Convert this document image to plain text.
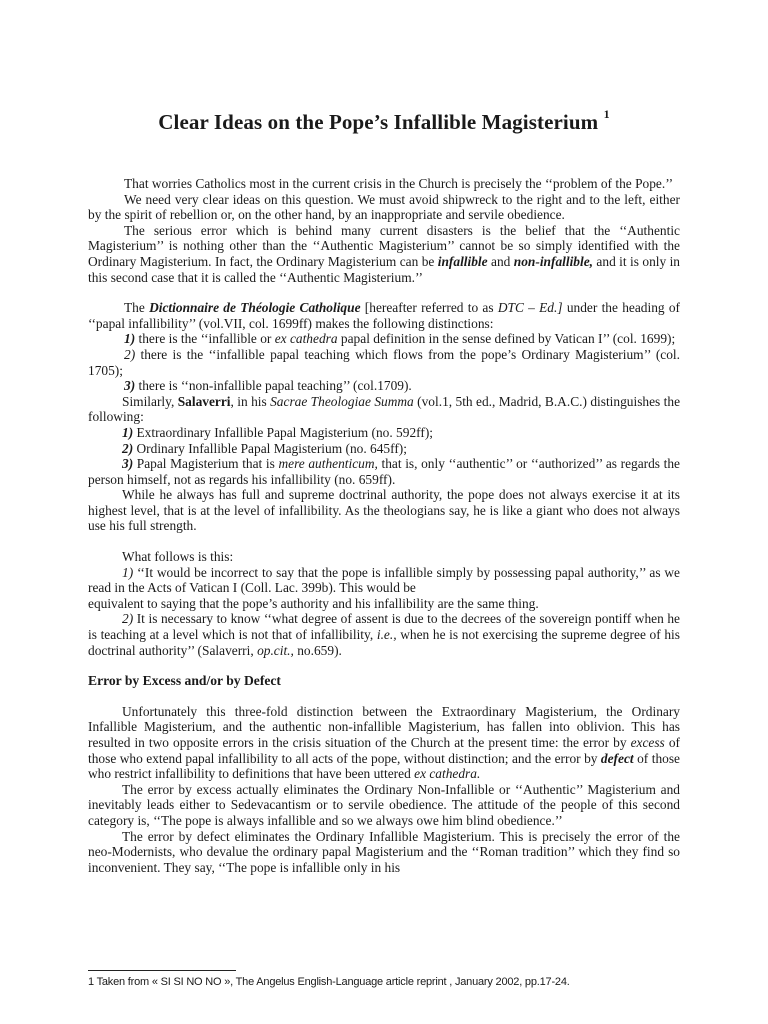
Clear Ideas on the Pope’s Infallible Magisterium $^1$

That worries Catholics most in the current crisis in the Church is precisely the ‘‘problem of the Pope.’’

We need very clear ideas on this question. We must avoid shipwreck to the right and to the left, either by the spirit of rebellion or, on the other hand, by an inappropriate and servile obedience.

The serious error which is behind many current disasters is the belief that the ‘‘Authentic Magisterium’’ is nothing other than the ‘‘Authentic Magisterium’’ cannot be so simply identified with the Ordinary Magisterium. In fact, the Ordinary Magisterium can be infallible and non-infallible, and it is only in this second case that it is called the ‘‘Authentic Magisterium.’’

The Dictionnaire de Théologie Catholique [hereafter referred to as DTC – Ed.] under the heading of ‘‘papal infallibility’’ (vol.VII, col. 1699ff) makes the following distinctions:

1) there is the ‘‘infallible or ex cathedra papal definition in the sense defined by Vatican I’’ (col. 1699);

2) there is the ‘‘infallible papal teaching which flows from the pope’s Ordinary Magisterium’’ (col. 1705);

3) there is ‘‘non-infallible papal teaching’’ (col.1709).

Similarly, Salaverri, in his Sacrae Theologiae Summa (vol.1, 5th ed., Madrid, B.A.C.) distinguishes the following:

1) Extraordinary Infallible Papal Magisterium (no. 592ff);

2) Ordinary Infallible Papal Magisterium (no. 645ff);

3) Papal Magisterium that is mere authenticum, that is, only ‘‘authentic’’ or ‘‘authorized’’ as regards the person himself, not as regards his infallibility (no. 659ff).

While he always has full and supreme doctrinal authority, the pope does not always exercise it at its highest level, that is at the level of infallibility. As the theologians say, he is like a giant who does not always use his full strength.

What follows is this:

1) ‘‘It would be incorrect to say that the pope is infallible simply by possessing papal authority,’’ as we read in the Acts of Vatican I (Coll. Lac. 399b). This would be

equivalent to saying that the pope’s authority and his infallibility are the same thing.

2) It is necessary to know ‘‘what degree of assent is due to the decrees of the sovereign pontiff when he is teaching at a level which is not that of infallibility, i.e., when he is not exercising the supreme degree of his doctrinal authority’’ (Salaverri, op.cit., no.659).

Error by Excess and/or by Defect

Unfortunately this three-fold distinction between the Extraordinary Magisterium, the Ordinary Infallible Magisterium, and the authentic non-infallible Magisterium, has fallen into oblivion. This has resulted in two opposite errors in the crisis situation of the Church at the present time: the error by excess of those who extend papal infallibility to all acts of the pope, without distinction; and the error by defect of those who restrict infallibility to definitions that have been uttered ex cathedra.

The error by excess actually eliminates the Ordinary Non-Infallible or ‘‘Authentic’’ Magisterium and inevitably leads either to Sedevacantism or to servile obedience. The attitude of the people of this second category is, ‘‘The pope is always infallible and so we always owe him blind obedience.’’

The error by defect eliminates the Ordinary Infallible Magisterium. This is precisely the error of the neo-Modernists, who devalue the ordinary papal Magisterium and the ‘‘Roman tradition’’ which they find so inconvenient. They say, ‘‘The pope is infallible only in his

1 Taken from « SI SI NO NO », The Angelus English-Language article reprint , January 2002, pp.17-24.
